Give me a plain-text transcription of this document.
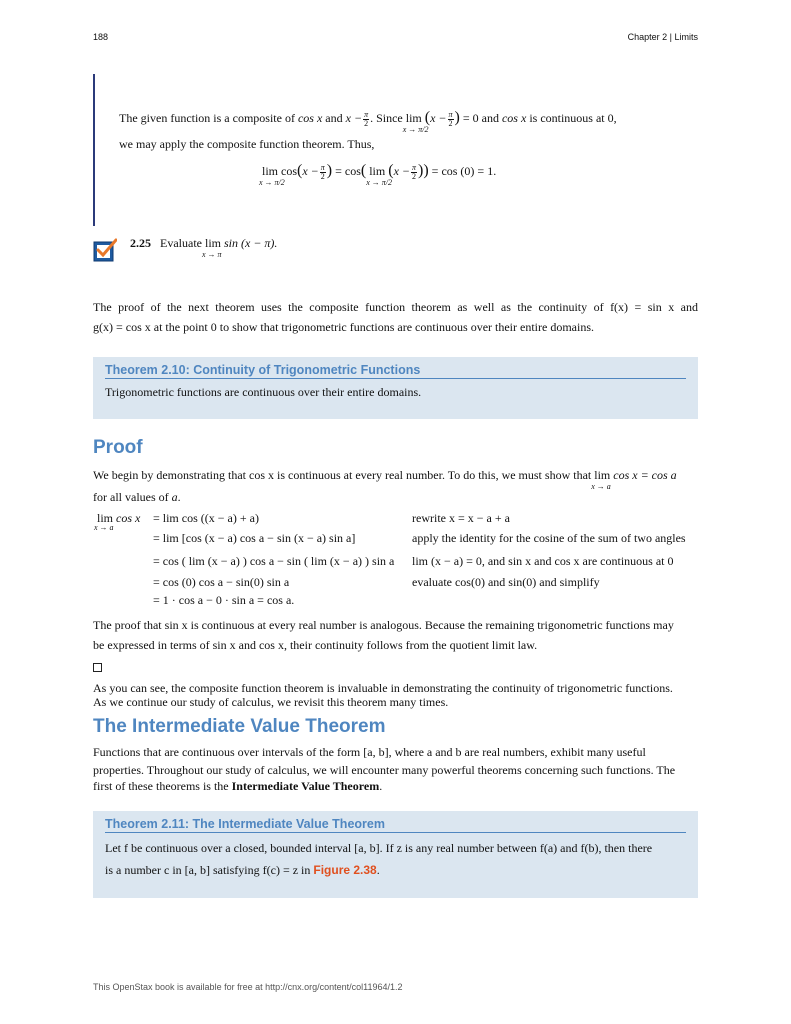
188	Chapter 2 | Limits
The given function is a composite of cos x and $x - \frac{\pi}{2}$ . Since lim
x → π/2
($x - \frac{\pi}{2}$ ) = 0 and cos x is continuous at 0,
we may apply the composite function theorem. Thus,
lim
x → π/2
$\cos(x - \frac{\pi}{2}$ ) = cos( lim
x → π/2
($x - \frac{\pi}{2}$ )) = cos (0) = 1.
2.25 Evaluate lim
x → π
sin (x − π).
The proof of the next theorem uses the composite function theorem as well as the continuity of f(x) = sin x and
g(x) = cos x at the point 0 to show that trigonometric functions are continuous over their entire domains.
Theorem 2.10: Continuity of Trigonometric Functions
Trigonometric functions are continuous over their entire domains.
Proof
We begin by demonstrating that cos x is continuous at every real number. To do this, we must show that lim
x → a
cos x = cos a
for all values of a.
lim
x → a
cos x = lim cos ((x − a) + a)
= lim [cos (x − a) cos a − sin (x − a) sin a]
= cos ( lim (x − a) ) cos a − sin ( lim (x − a) ) sin a
= cos (0) cos a − sin(0) sin a
= 1 · cos a − 0 · sin a = cos a.
rewrite x = x − a + a
apply the identity for the cosine of the sum of two angles
lim (x − a) = 0, and sin x and cos x are continuous at 0
evaluate cos(0) and sin(0) and simplify
The proof that sin x is continuous at every real number is analogous. Because the remaining trigonometric functions may
be expressed in terms of sin x and cos x, their continuity follows from the quotient limit law.
As you can see, the composite function theorem is invaluable in demonstrating the continuity of trigonometric functions.
As we continue our study of calculus, we revisit this theorem many times.
The Intermediate Value Theorem
Functions that are continuous over intervals of the form [a, b], where a and b are real numbers, exhibit many useful
properties. Throughout our study of calculus, we will encounter many powerful theorems concerning such functions. The
first of these theorems is the Intermediate Value Theorem.
Theorem 2.11: The Intermediate Value Theorem
Let f be continuous over a closed, bounded interval [a, b]. If z is any real number between f(a) and f(b), then there
is a number c in [a, b] satisfying f(c) = z in Figure 2.38.
This OpenStax book is available for free at http://cnx.org/content/col11964/1.2
